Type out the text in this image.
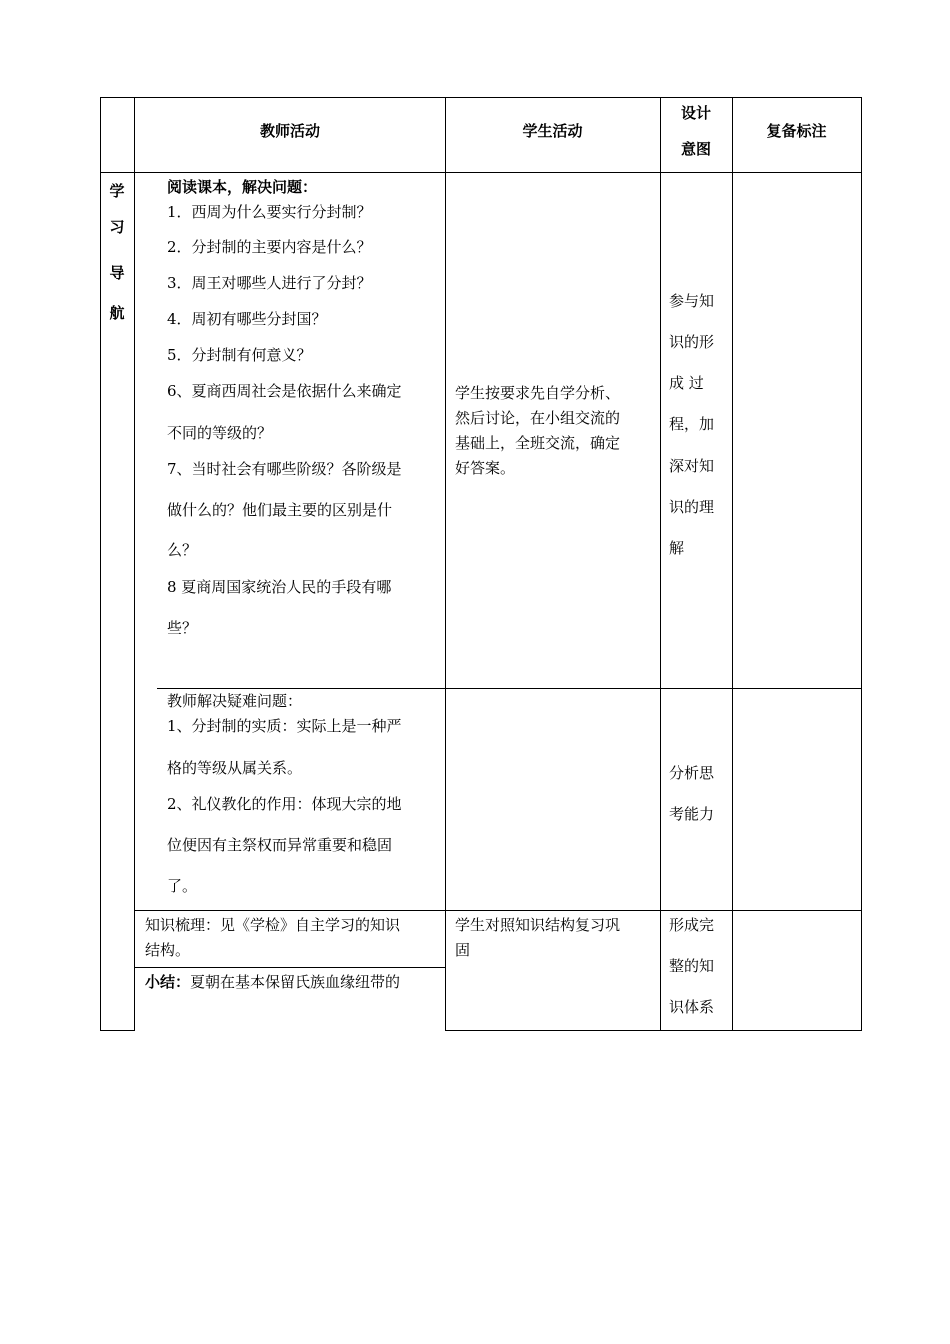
教师活动	学生活动
设计
意图
复备标注
学
习
导
航
阅读课本，解决问题：
1．西周为什么要实行分封制？
2．分封制的主要内容是什么？
3．周王对哪些人进行了分封？
4．周初有哪些分封国？
5．分封制有何意义？
6、夏商西周社会是依据什么来确定
不同的等级的？
7、当时社会有哪些阶级？各阶级是
做什么的？他们最主要的区别是什
么？
8 夏商周国家统治人民的手段有哪
些？
学生按要求先自学分析、
然后讨论，在小组交流的
基础上，全班交流，确定
好答案。
参与知
识的形
成 过
程，加
深对知
识的理
解
教师解决疑难问题：
1、分封制的实质：实际上是一种严
格的等级从属关系。
2、礼仪教化的作用：体现大宗的地
位便因有主祭权而异常重要和稳固
了。
分析思
考能力
知识梳理：见《学检》自主学习的知识
结构。
小结：夏朝在基本保留氏族血缘纽带的
学生对照知识结构复习巩
固
形成完
整的知
识体系
